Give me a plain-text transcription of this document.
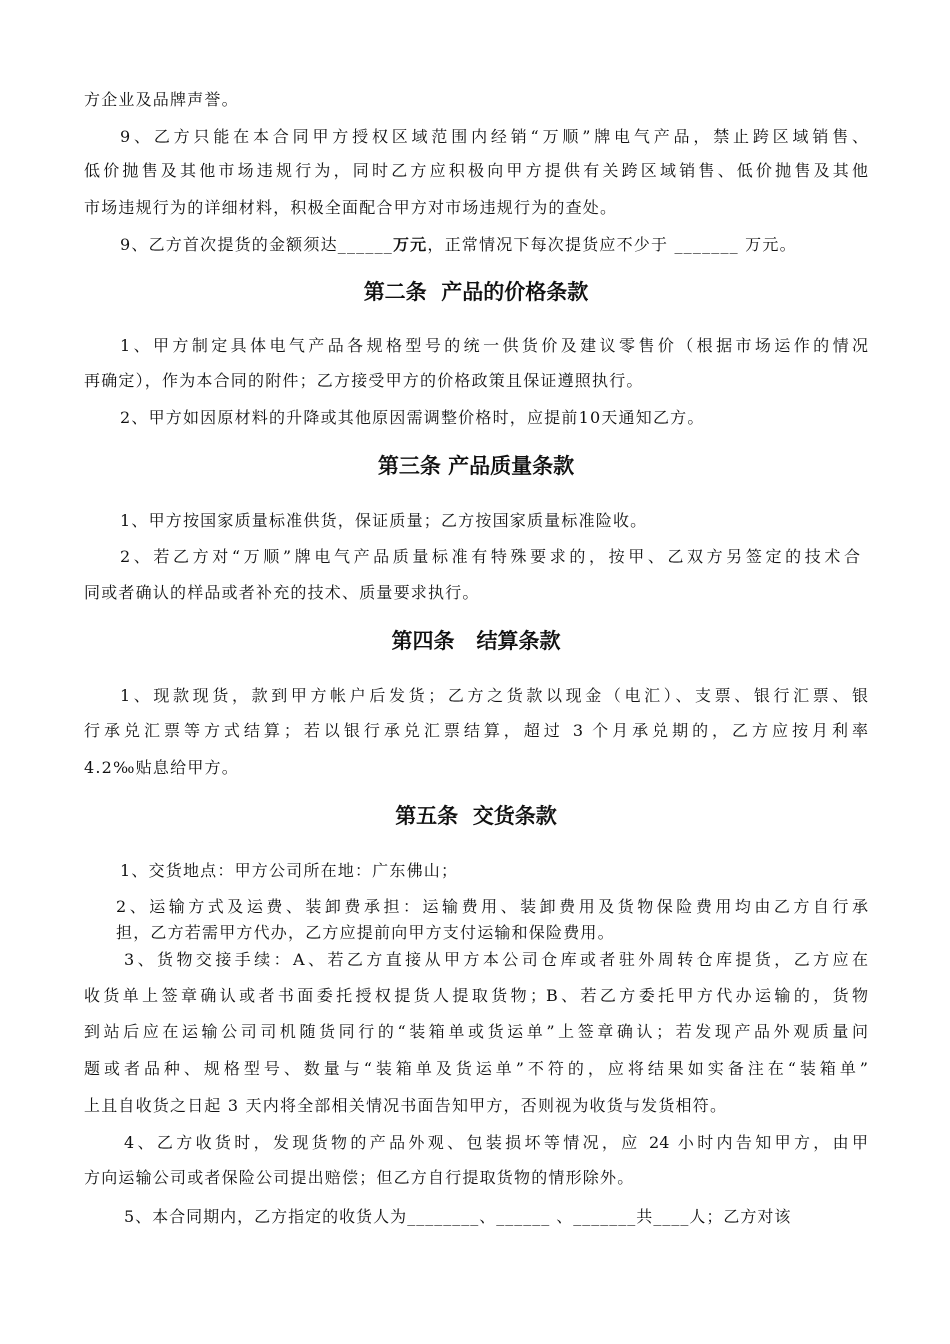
方企业及品牌声誉。
9、乙方只能在本合同甲方授权区域范围内经销“万顺”牌电气产品，禁止跨区域销售、
低价抛售及其他市场违规行为，同时乙方应积极向甲方提供有关跨区域销售、低价抛售及其他
市场违规行为的详细材料，积极全面配合甲方对市场违规行为的查处。
9、乙方首次提货的金额须达______万元，正常情况下每次提货应不少于 _______ 万元。
第二条  产品的价格条款
1、甲方制定具体电气产品各规格型号的统一供货价及建议零售价（根据市场运作的情况
再确定），作为本合同的附件；乙方接受甲方的价格政策且保证遵照执行。
2、甲方如因原材料的升降或其他原因需调整价格时，应提前10天通知乙方。
第三条 产品质量条款
1、甲方按国家质量标准供货，保证质量；乙方按国家质量标准险收。
2、若乙方对“万顺”牌电气产品质量标准有特殊要求的，按甲、乙双方另签定的技术合
同或者确认的样品或者补充的技术、质量要求执行。
第四条   结算条款
1、现款现货，款到甲方帐户后发货；乙方之货款以现金（电汇）、支票、银行汇票、银
行承兑汇票等方式结算；若以银行承兑汇票结算，超过 3 个月承兑期的，乙方应按月利率
4.2‰贴息给甲方。
第五条  交货条款
1、交货地点：甲方公司所在地：广东佛山；
2、运输方式及运费、装卸费承担：运输费用、装卸费用及货物保险费用均由乙方自行承
担，乙方若需甲方代办，乙方应提前向甲方支付运输和保险费用。
3、货物交接手续：A、若乙方直接从甲方本公司仓库或者驻外周转仓库提货，乙方应在
收货单上签章确认或者书面委托授权提货人提取货物；B、若乙方委托甲方代办运输的，货物
到站后应在运输公司司机随货同行的“装箱单或货运单”上签章确认；若发现产品外观质量问
题或者品种、规格型号、数量与“装箱单及货运单”不符的，应将结果如实备注在“装箱单”
上且自收货之日起 3 天内将全部相关情况书面告知甲方，否则视为收货与发货相符。
4、乙方收货时，发现货物的产品外观、包装损坏等情况，应 24 小时内告知甲方，由甲
方向运输公司或者保险公司提出赔偿；但乙方自行提取货物的情形除外。
5、本合同期内，乙方指定的收货人为________、______ 、_______共____人；乙方对该
